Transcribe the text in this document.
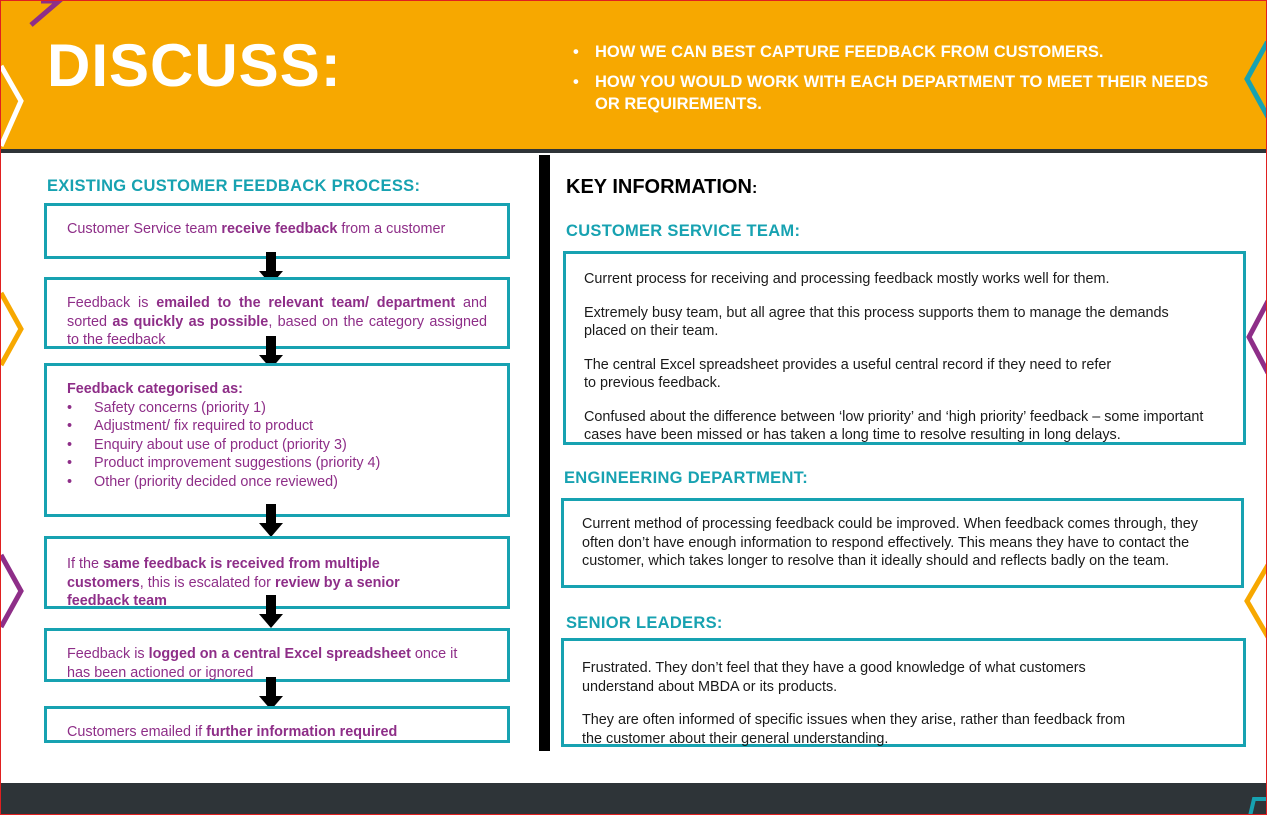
DISCUSS:	• HOW WE CAN BEST CAPTURE FEEDBACK FROM CUSTOMERS.
• HOW YOU WOULD WORK WITH EACH DEPARTMENT TO MEET THEIR NEEDS OR REQUIREMENTS.
EXISTING CUSTOMER FEEDBACK PROCESS:
Customer Service team receive feedback from a customer
Feedback is emailed to the relevant team/ department and sorted as quickly as possible, based on the category assigned to the feedback
Feedback categorised as:
• Safety concerns (priority 1)
• Adjustment/ fix required to product
• Enquiry about use of product (priority 3)
• Product improvement suggestions (priority 4)
• Other (priority decided once reviewed)
If the same feedback is received from multiple customers, this is escalated for review by a senior feedback team
Feedback is logged on a central Excel spreadsheet once it has been actioned or ignored
Customers emailed if further information required
KEY INFORMATION:
CUSTOMER SERVICE TEAM:

Current process for receiving and processing feedback mostly works well for them.

Extremely busy team, but all agree that this process supports them to manage the demands placed on their team.

The central Excel spreadsheet provides a useful central record if they need to refer to previous feedback.

Confused about the difference between ‘low priority’ and ‘high priority’ feedback – some important cases have been missed or has taken a long time to resolve resulting in long delays.

ENGINEERING DEPARTMENT:

Current method of processing feedback could be improved. When feedback comes through, they often don’t have enough information to respond effectively. This means they have to contact the customer, which takes longer to resolve than it ideally should and reflects badly on the team.

SENIOR LEADERS:

Frustrated. They don’t feel that they have a good knowledge of what customers understand about MBDA or its products.

They are often informed of specific issues when they arise, rather than feedback from the customer about their general understanding.
